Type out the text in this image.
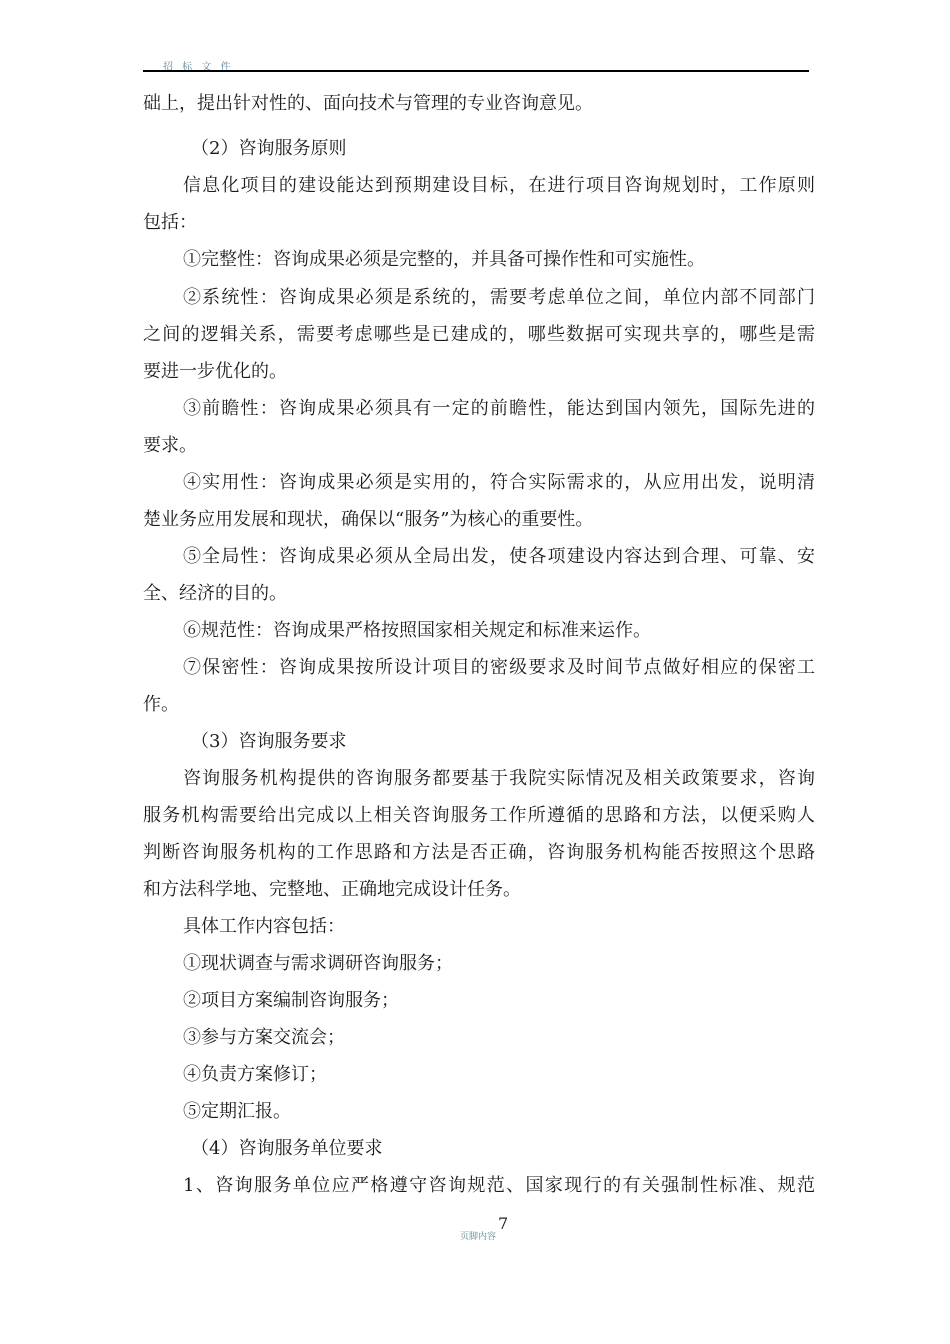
招 标 文 件
础上，提出针对性的、面向技术与管理的专业咨询意见。
（2）咨询服务原则
信息化项目的建设能达到预期建设目标，在进行项目咨询规划时，工作原则
包括：
①完整性：咨询成果必须是完整的，并具备可操作性和可实施性。
②系统性：咨询成果必须是系统的，需要考虑单位之间，单位内部不同部门
之间的逻辑关系，需要考虑哪些是已建成的，哪些数据可实现共享的，哪些是需
要进一步优化的。
③前瞻性：咨询成果必须具有一定的前瞻性，能达到国内领先，国际先进的
要求。
④实用性：咨询成果必须是实用的，符合实际需求的，从应用出发，说明清
楚业务应用发展和现状，确保以“服务”为核心的重要性。
⑤全局性：咨询成果必须从全局出发，使各项建设内容达到合理、可靠、安
全、经济的目的。
⑥规范性：咨询成果严格按照国家相关规定和标准来运作。
⑦保密性：咨询成果按所设计项目的密级要求及时间节点做好相应的保密工
作。
（3）咨询服务要求
咨询服务机构提供的咨询服务都要基于我院实际情况及相关政策要求，咨询
服务机构需要给出完成以上相关咨询服务工作所遵循的思路和方法，以便采购人
判断咨询服务机构的工作思路和方法是否正确，咨询服务机构能否按照这个思路
和方法科学地、完整地、正确地完成设计任务。
具体工作内容包括：
①现状调查与需求调研咨询服务；
②项目方案编制咨询服务；
③参与方案交流会；
④负责方案修订；
⑤定期汇报。
（4）咨询服务单位要求
1、咨询服务单位应严格遵守咨询规范、国家现行的有关强制性标准、规范
7
页脚内容
